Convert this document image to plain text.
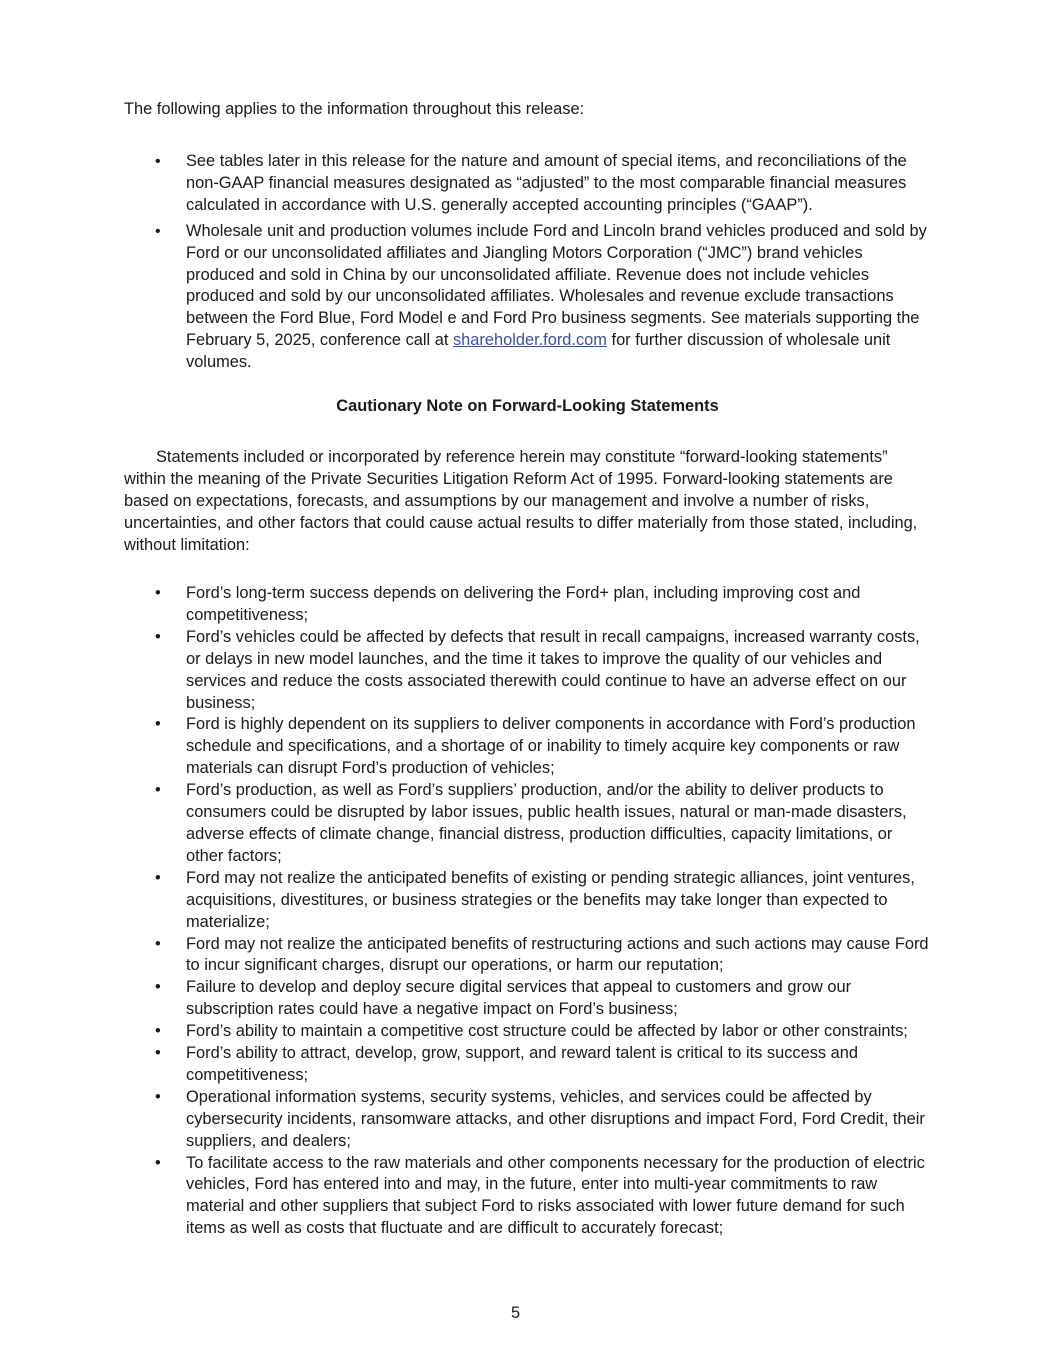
The following applies to the information throughout this release:

• See tables later in this release for the nature and amount of special items, and reconciliations of the non-GAAP financial measures designated as “adjusted” to the most comparable financial measures calculated in accordance with U.S. generally accepted accounting principles (“GAAP”).
• Wholesale unit and production volumes include Ford and Lincoln brand vehicles produced and sold by Ford or our unconsolidated affiliates and Jiangling Motors Corporation (“JMC”) brand vehicles produced and sold in China by our unconsolidated affiliate. Revenue does not include vehicles produced and sold by our unconsolidated affiliates. Wholesales and revenue exclude transactions between the Ford Blue, Ford Model e and Ford Pro business segments. See materials supporting the February 5, 2025, conference call at shareholder.ford.com for further discussion of wholesale unit volumes.

Cautionary Note on Forward-Looking Statements

Statements included or incorporated by reference herein may constitute “forward-looking statements” within the meaning of the Private Securities Litigation Reform Act of 1995. Forward-looking statements are based on expectations, forecasts, and assumptions by our management and involve a number of risks, uncertainties, and other factors that could cause actual results to differ materially from those stated, including, without limitation:

• Ford’s long-term success depends on delivering the Ford+ plan, including improving cost and competitiveness;
• Ford’s vehicles could be affected by defects that result in recall campaigns, increased warranty costs, or delays in new model launches, and the time it takes to improve the quality of our vehicles and services and reduce the costs associated therewith could continue to have an adverse effect on our business;
• Ford is highly dependent on its suppliers to deliver components in accordance with Ford’s production schedule and specifications, and a shortage of or inability to timely acquire key components or raw materials can disrupt Ford’s production of vehicles;
• Ford’s production, as well as Ford’s suppliers’ production, and/or the ability to deliver products to consumers could be disrupted by labor issues, public health issues, natural or man-made disasters, adverse effects of climate change, financial distress, production difficulties, capacity limitations, or other factors;
• Ford may not realize the anticipated benefits of existing or pending strategic alliances, joint ventures, acquisitions, divestitures, or business strategies or the benefits may take longer than expected to materialize;
• Ford may not realize the anticipated benefits of restructuring actions and such actions may cause Ford to incur significant charges, disrupt our operations, or harm our reputation;
• Failure to develop and deploy secure digital services that appeal to customers and grow our subscription rates could have a negative impact on Ford’s business;
• Ford’s ability to maintain a competitive cost structure could be affected by labor or other constraints;
• Ford’s ability to attract, develop, grow, support, and reward talent is critical to its success and competitiveness;
• Operational information systems, security systems, vehicles, and services could be affected by cybersecurity incidents, ransomware attacks, and other disruptions and impact Ford, Ford Credit, their suppliers, and dealers;
• To facilitate access to the raw materials and other components necessary for the production of electric vehicles, Ford has entered into and may, in the future, enter into multi-year commitments to raw material and other suppliers that subject Ford to risks associated with lower future demand for such items as well as costs that fluctuate and are difficult to accurately forecast;

5
